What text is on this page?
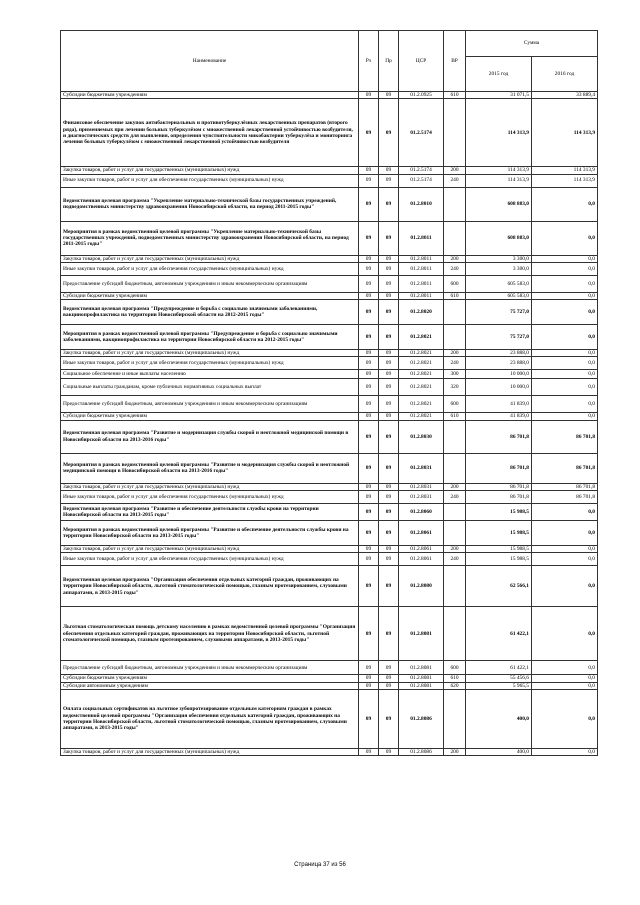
Наименование	Рз	Пр	ЦСР	ВР	Сумма	
					2015 год	2016 год
Субсидии бюджетным учреждениям	09	09	01.2.0925	610	31 071,5	33 889,4
Финансовое обеспечение закупок антибактериальных и противотуберкулёзных лекарственных препаратов (второго ряда), применяемых при лечении больных туберкулёзом с множественной лекарственной устойчивостью возбудителя, и диагностических средств для выявления, определения чувствительности микобактерии туберкулёза и мониторинга лечения больных туберкулёзом с множественной лекарственной устойчивостью возбудителя	09	09	01.2.5174		114 313,9	114 313,9
Закупка товаров, работ и услуг для государственных (муниципальных) нужд	09	09	01.2.5174	200	114 313,9	114 313,9
Иные закупки товаров, работ и услуг для обеспечения государственных (муниципальных) нужд	09	09	01.2.5174	240	114 313,9	114 313,9
Ведомственная целевая программа "Укрепление материально-технической базы государственных учреждений, подведомственных министерству здравоохранения Новосибирской области, на период 2011-2015 годы"	09	09	01.2.8010		608 883,0	0,0
Мероприятия в рамках ведомственной целевой программы "Укрепление материально-технической базы государственных учреждений, подведомственных министерству здравоохранения Новосибирской области, на период 2011-2015 годы"	09	09	01.2.8011		608 883,0	0,0
Закупка товаров, работ и услуг для государственных (муниципальных) нужд	09	09	01.2.8011	200	3 300,0	0,0
Иные закупки товаров, работ и услуг для обеспечения государственных (муниципальных) нужд	09	09	01.2.8011	240	3 300,0	0,0
Предоставление субсидий бюджетным, автономным учреждениям и иным некоммерческим организациям	09	09	01.2.8011	600	605 583,0	0,0
Субсидии бюджетным учреждениям	09	09	01.2.8011	610	605 583,0	0,0
Ведомственная целевая программа "Предупреждение и борьба с социально значимыми заболеваниями, вакцинопрофилактика на территории Новосибирской области на 2012-2015 годы"	09	09	01.2.8020		75 727,0	0,0
Мероприятия в рамках ведомственной целевой программы "Предупреждение и борьба с социально значимыми заболеваниями, вакцинопрофилактика на территории Новосибирской области на 2012-2015 годы"	09	09	01.2.8021		75 727,0	0,0
Закупка товаров, работ и услуг для государственных (муниципальных) нужд	09	09	01.2.8021	200	23 888,0	0,0
Иные закупки товаров, работ и услуг для обеспечения государственных (муниципальных) нужд	09	09	01.2.8021	240	23 888,0	0,0
Социальное обеспечение и иные выплаты населению	09	09	01.2.8021	300	10 000,0	0,0
Социальные выплаты гражданам, кроме публичных нормативных социальных выплат	09	09	01.2.8021	320	10 000,0	0,0
Предоставление субсидий бюджетным, автономным учреждениям и иным некоммерческим организациям	09	09	01.2.8021	600	41 839,0	0,0
Субсидии бюджетным учреждениям	09	09	01.2.8021	610	41 839,0	0,0
Ведомственная целевая программа "Развитие и модернизация службы скорой и неотложной медицинской помощи в Новосибирской области на 2013-2016 годы"	09	09	01.2.8030		86 701,8	86 701,8
Мероприятия в рамках ведомственной целевой программы "Развитие и модернизация службы скорой и неотложной медицинской помощи в Новосибирской области на 2013-2016 годы"	09	09	01.2.8031		86 701,8	86 701,8
Закупка товаров, работ и услуг для государственных (муниципальных) нужд	09	09	01.2.8031	200	86 701,8	86 701,8
Иные закупки товаров, работ и услуг для обеспечения государственных (муниципальных) нужд	09	09	01.2.8031	240	86 701,8	86 701,8
Ведомственная целевая программа "Развитие и обеспечение деятельности службы крови на территории Новосибирской области на 2013-2015 годы"	09	09	01.2.8060		15 988,5	0,0
Мероприятия в рамках ведомственной целевой программы "Развитие и обеспечение деятельности службы крови на территории Новосибирской области на 2013-2015 годы"	09	09	01.2.8061		15 988,5	0,0
Закупка товаров, работ и услуг для государственных (муниципальных) нужд	09	09	01.2.8061	200	15 988,5	0,0
Иные закупки товаров, работ и услуг для обеспечения государственных (муниципальных) нужд	09	09	01.2.8061	240	15 988,5	0,0
Ведомственная целевая программа "Организация обеспечения отдельных категорий граждан, проживающих на территории Новосибирской области, льготной стоматологической помощью, глазным протезированием, слуховыми аппаратами, в 2013-2015 годы"	09	09	01.2.8080		62 566,1	0,0
Льготная стоматологическая помощь детскому населению в рамках ведомственной целевой программы "Организация обеспечения отдельных категорий граждан, проживающих на территории Новосибирской области, льготной стоматологической помощью, глазным протезированием, слуховыми аппаратами, в 2013-2015 годы"	09	09	01.2.8081		61 422,1	0,0
Предоставление субсидий бюджетным, автономным учреждениям и иным некоммерческим организациям	09	09	01.2.8081	600	61 422,1	0,0
Субсидии бюджетным учреждениям	09	09	01.2.8081	610	55 456,6	0,0
Субсидии автономным учреждениям	09	09	01.2.8081	620	5 965,5	0,0
Оплата социальных сертификатов на льготное зубопротезирование отдельным категориям граждан в рамках ведомственной целевой программы "Организация обеспечения отдельных категорий граждан, проживающих на территории Новосибирской области, льготной стоматологической помощью, глазным протезированием, слуховыми аппаратами, в 2013-2015 годы"	09	09	01.2.8086		400,0	0,0
Закупка товаров, работ и услуг для государственных (муниципальных) нужд	09	09	01.2.8086	200	400,0	0,0
Страница 37 из 56
